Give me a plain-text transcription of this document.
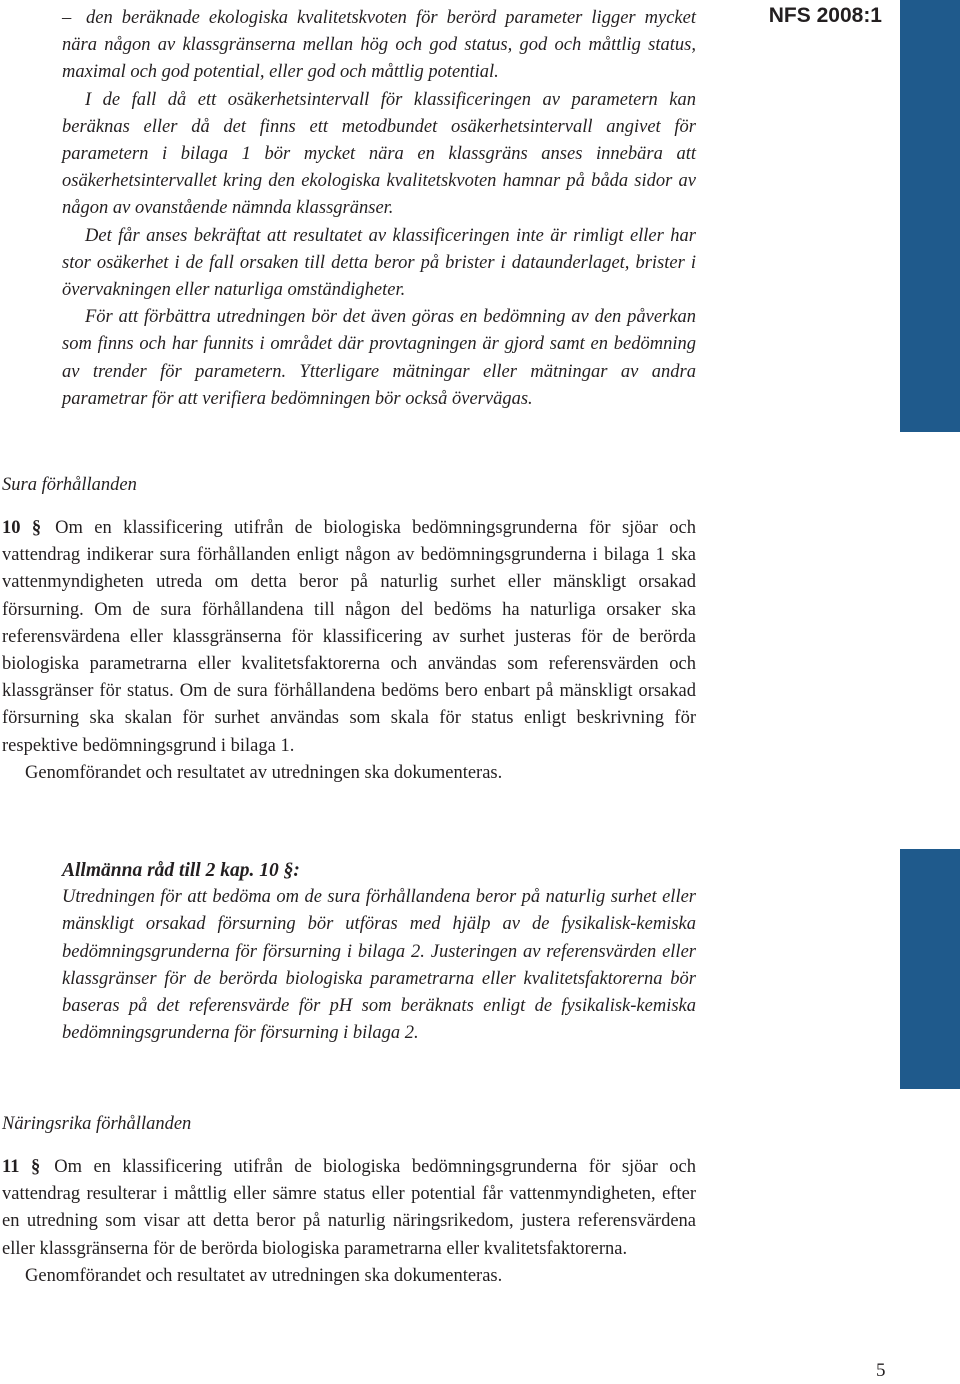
NFS 2008:1

– den beräknade ekologiska kvalitetskvoten för berörd parameter ligger mycket nära någon av klassgränserna mellan hög och god status, god och måttlig status, maximal och god potential, eller god och måttlig potential.

I de fall då ett osäkerhetsintervall för klassificeringen av parametern kan beräknas eller då det finns ett metodbundet osäkerhetsintervall angivet för parametern i bilaga 1 bör mycket nära en klassgräns anses innebära att osäkerhetsintervallet kring den ekologiska kvalitetskvoten hamnar på båda sidor av någon av ovanstående nämnda klassgränser.

Det får anses bekräftat att resultatet av klassificeringen inte är rimligt eller har stor osäkerhet i de fall orsaken till detta beror på brister i dataunderlaget, brister i övervakningen eller naturliga omständigheter.

För att förbättra utredningen bör det även göras en bedömning av den påverkan som finns och har funnits i området där provtagningen är gjord samt en bedömning av trender för parametern. Ytterligare mätningar eller mätningar av andra parametrar för att verifiera bedömningen bör också övervägas.

Sura förhållanden

10 § Om en klassificering utifrån de biologiska bedömningsgrunderna för sjöar och vattendrag indikerar sura förhållanden enligt någon av bedömningsgrunderna i bilaga 1 ska vattenmyndigheten utreda om detta beror på naturlig surhet eller mänskligt orsakad försurning. Om de sura förhållandena till någon del bedöms ha naturliga orsaker ska referensvärdena eller klassgränserna för klassificering av surhet justeras för de berörda biologiska parametrarna eller kvalitetsfaktorerna och användas som referensvärden och klassgränser för status. Om de sura förhållandena bedöms bero enbart på mänskligt orsakad försurning ska skalan för surhet användas som skala för status enligt beskrivning för respektive bedömningsgrund i bilaga 1.

Genomförandet och resultatet av utredningen ska dokumenteras.

Allmänna råd till 2 kap. 10 §:

Utredningen för att bedöma om de sura förhållandena beror på naturlig surhet eller mänskligt orsakad försurning bör utföras med hjälp av de fysikalisk-kemiska bedömningsgrunderna för försurning i bilaga 2. Justeringen av referensvärden eller klassgränser för de berörda biologiska parametrarna eller kvalitetsfaktorerna bör baseras på det referensvärde för pH som beräknats enligt de fysikalisk-kemiska bedömningsgrunderna för försurning i bilaga 2.

Näringsrika förhållanden

11 § Om en klassificering utifrån de biologiska bedömningsgrunderna för sjöar och vattendrag resulterar i måttlig eller sämre status eller potential får vattenmyndigheten, efter en utredning som visar att detta beror på naturlig näringsrikedom, justera referensvärdena eller klassgränserna för de berörda biologiska parametrarna eller kvalitetsfaktorerna.

Genomförandet och resultatet av utredningen ska dokumenteras.

5
